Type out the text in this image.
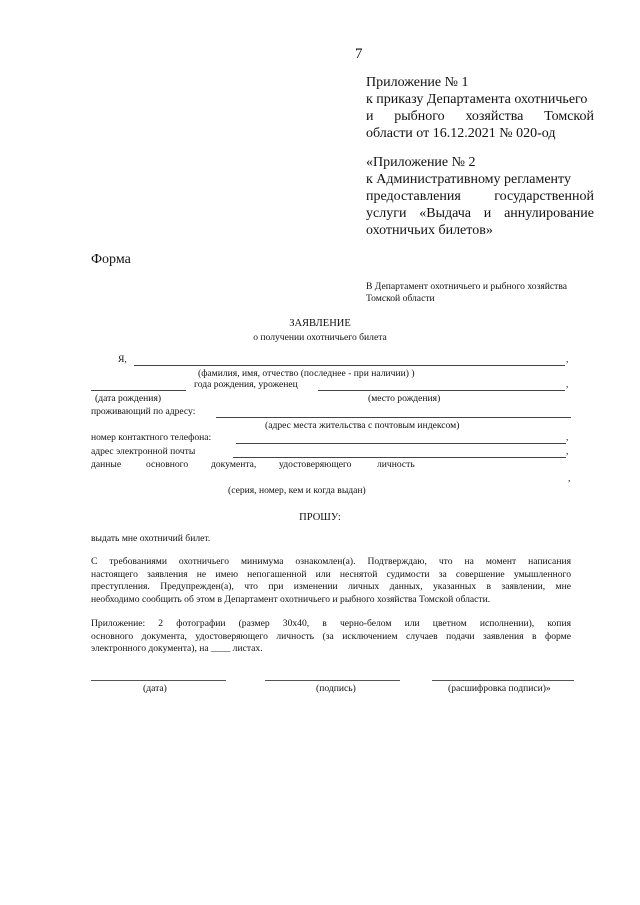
7
Приложение № 1
к приказу Департамента охотничьего
и рыбного хозяйства Томской
области от 16.12.2021 № 020-од
«Приложение № 2
к Административному регламенту
предоставления государственной
услуги «Выдача и аннулирование
охотничьих билетов»
Форма
В Департамент охотничьего и рыбного хозяйства
Томской области
ЗАЯВЛЕНИЕ
о получении охотничьего билета
Я,	,
(фамилия, имя, отчество (последнее - при наличии) )
года рождения, уроженец	,
(дата рождения)	(место рождения)
проживающий по адресу:
(адрес места жительства с почтовым индексом)
номер контактного телефона:	,
адрес электронной почты	,
данные	основного документа, удостоверяющего	личность
,
(серия, номер, кем и когда выдан)
ПРОШУ:
выдать мне охотничий билет.
С требованиями охотничьего минимума ознакомлен(а). Подтверждаю, что на момент написания
настоящего заявления не имею непогашенной или неснятой судимости за совершение умышленного
преступления. Предупрежден(а), что при изменении личных данных, указанных в заявлении, мне
необходимо сообщить об этом в Департамент охотничьего и рыбного хозяйства Томской области.
Приложение: 2 фотографии (размер 30x40, в черно-белом или цветном исполнении), копия
основного документа, удостоверяющего личность (за исключением случаев подачи заявления в форме
электронного документа), на ____ листах.
(дата)	(подпись)	(расшифровка подписи)»
